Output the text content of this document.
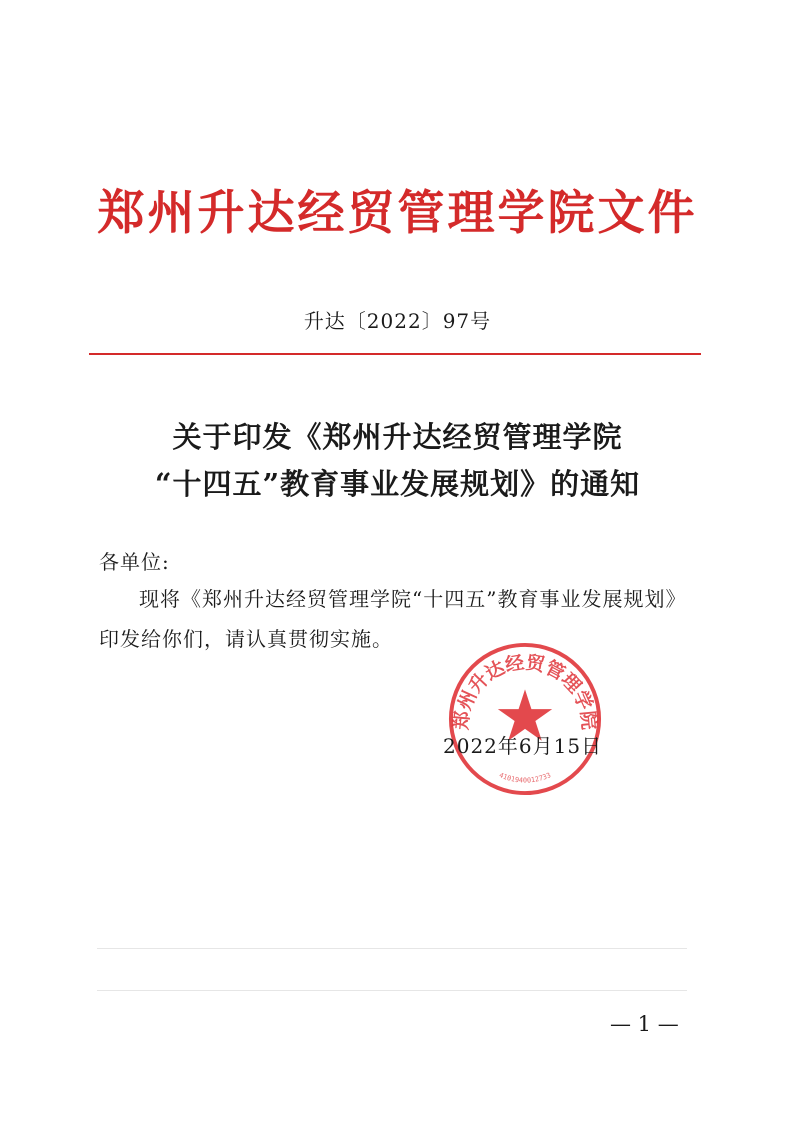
郑州升达经贸管理学院文件
升达〔2022〕97号
关于印发《郑州升达经贸管理学院
“十四五”教育事业发展规划》的通知
各单位:
现将《郑州升达经贸管理学院“十四五”教育事业发展规划》
印发给你们，请认真贯彻实施。
郑州升达经贸管理学院
4101940012733
2022年6月15日
— 1 —
